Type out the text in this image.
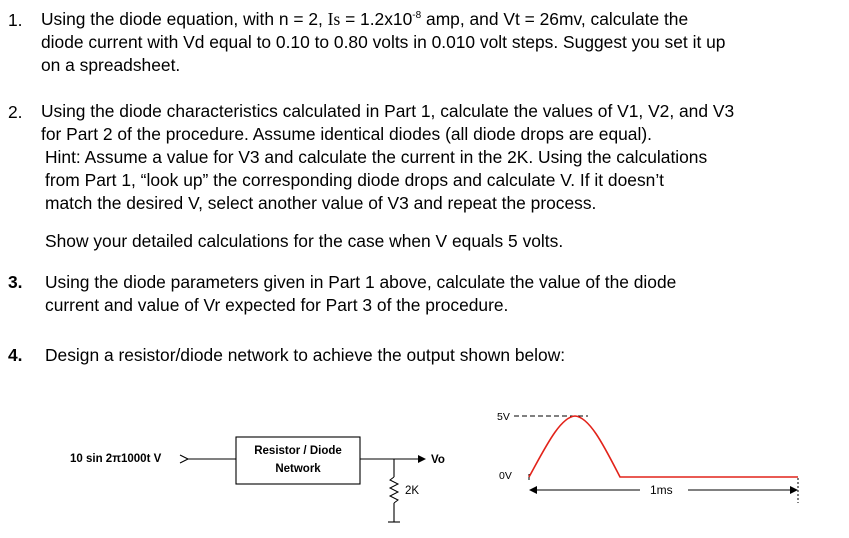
1. Using the diode equation, with n = 2, $Is = 1.2x10^{-8}$ amp, and Vt = 26mv, calculate the
diode current with Vd equal to 0.10 to 0.80 volts in 0.010 volt steps. Suggest you set it up
on a spreadsheet.
2. Using the diode characteristics calculated in Part 1, calculate the values of V1, V2, and V3
for Part 2 of the procedure. Assume identical diodes (all diode drops are equal).
Hint: Assume a value for V3 and calculate the current in the 2K. Using the calculations
from Part 1, “look up” the corresponding diode drops and calculate V. If it doesn’t
match the desired V, select another value of V3 and repeat the process.
Show your detailed calculations for the case when V equals 5 volts.
3. Using the diode parameters given in Part 1 above, calculate the value of the diode
current and value of Vr expected for Part 3 of the procedure.
4. Design a resistor/diode network to achieve the output shown below:
10 sin 2π1000t V
Resistor / Diode
Network
Vo
2K
5V
0V
1ms
